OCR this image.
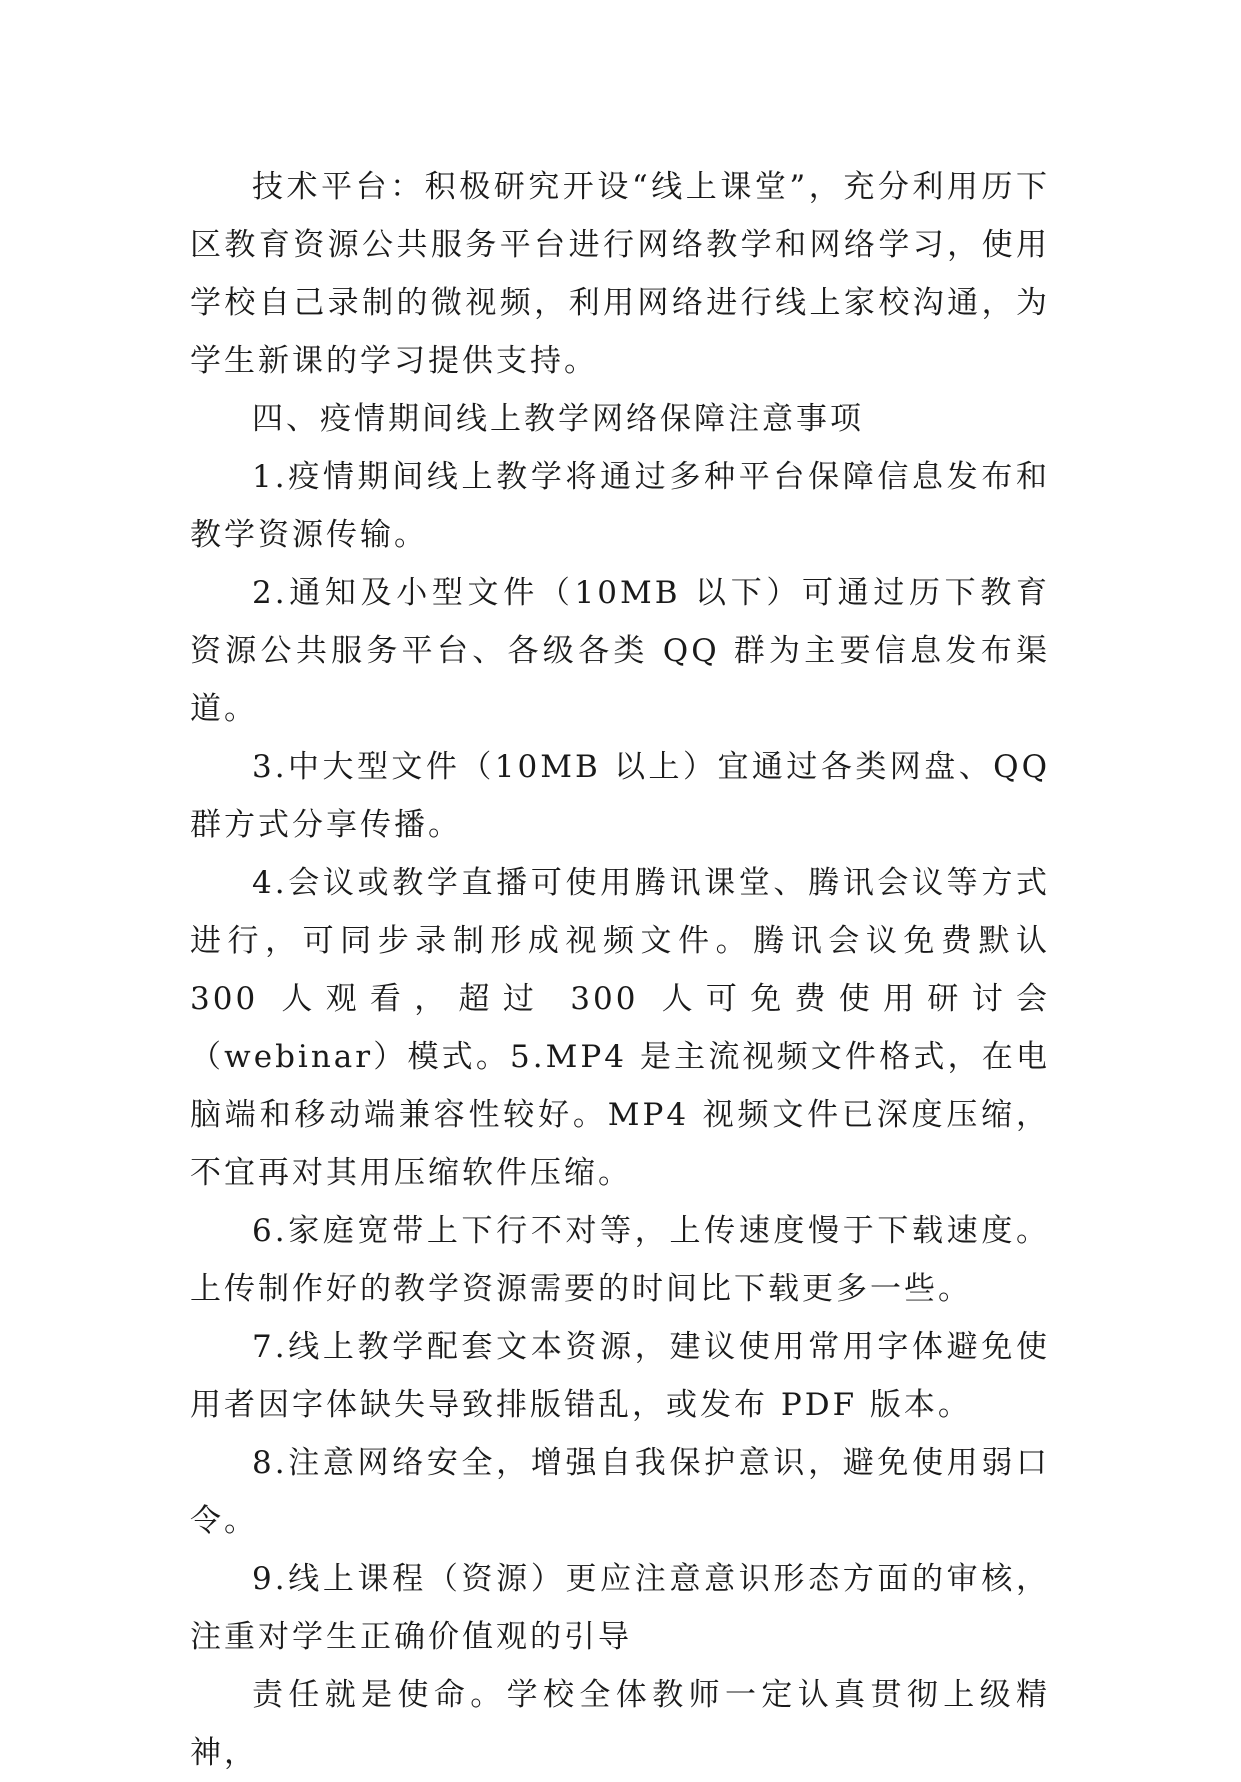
技术平台：积极研究开设“线上课堂”，充分利用历下区教育资源公共服务平台进行网络教学和网络学习，使用学校自己录制的微视频，利用网络进行线上家校沟通，为学生新课的学习提供支持。

四、疫情期间线上教学网络保障注意事项

1.疫情期间线上教学将通过多种平台保障信息发布和教学资源传输。

2.通知及小型文件（10MB 以下）可通过历下教育资源公共服务平台、各级各类 QQ 群为主要信息发布渠道。

3.中大型文件（10MB 以上）宜通过各类网盘、QQ 群方式分享传播。

4.会议或教学直播可使用腾讯课堂、腾讯会议等方式进行，可同步录制形成视频文件。腾讯会议免费默认 300 人观看，超过 300 人可免费使用研讨会（webinar）模式。5.MP4 是主流视频文件格式，在电脑端和移动端兼容性较好。MP4 视频文件已深度压缩，不宜再对其用压缩软件压缩。

6.家庭宽带上下行不对等，上传速度慢于下载速度。上传制作好的教学资源需要的时间比下载更多一些。

7.线上教学配套文本资源，建议使用常用字体避免使用者因字体缺失导致排版错乱，或发布 PDF 版本。

8.注意网络安全，增强自我保护意识，避免使用弱口令。

9.线上课程（资源）更应注意意识形态方面的审核，注重对学生正确价值观的引导

责任就是使命。学校全体教师一定认真贯彻上级精神，
